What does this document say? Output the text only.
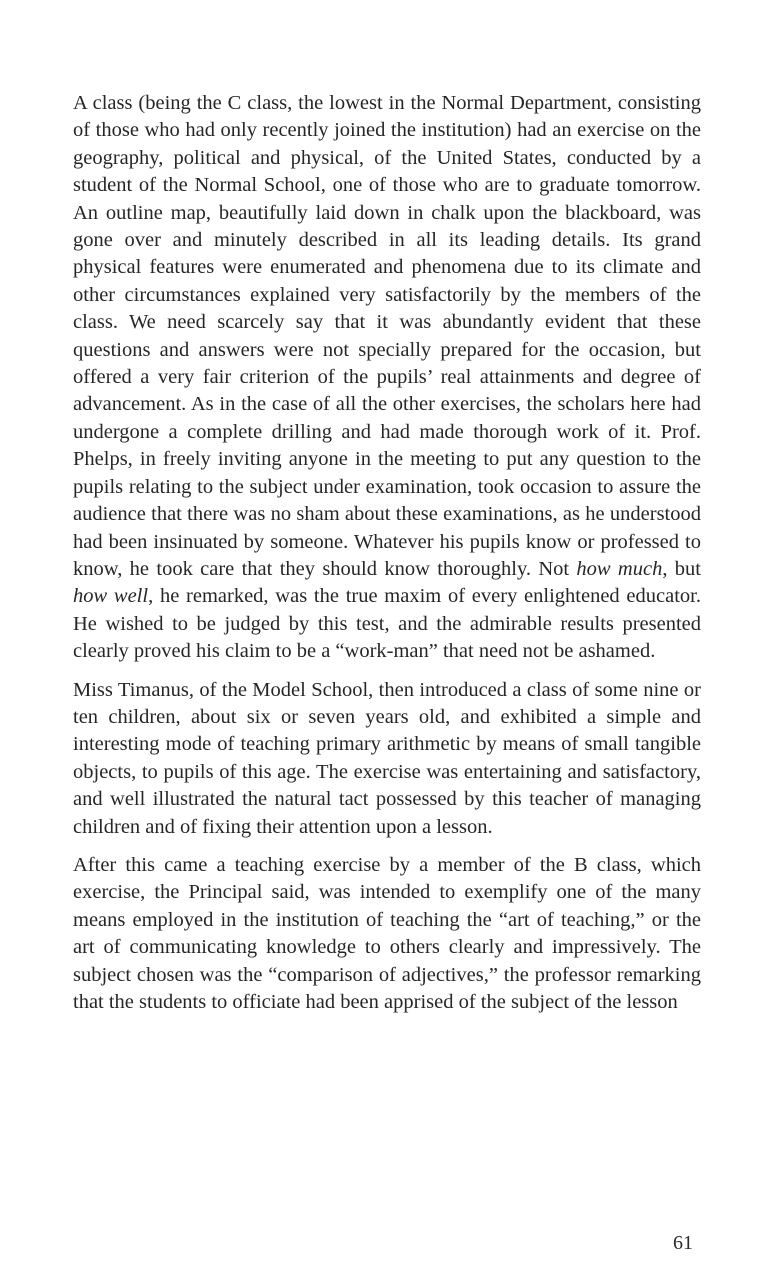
A class (being the C class, the lowest in the Normal Department, consisting of those who had only recently joined the institution) had an exercise on the geography, political and physical, of the United States, conducted by a student of the Normal School, one of those who are to graduate tomorrow. An outline map, beautifully laid down in chalk upon the blackboard, was gone over and minutely described in all its leading details. Its grand physical features were enumerated and phenomena due to its climate and other circumstances explained very satisfactorily by the members of the class. We need scarcely say that it was abundantly evident that these questions and answers were not specially prepared for the occasion, but offered a very fair criterion of the pupils’ real attainments and degree of advancement. As in the case of all the other exercises, the scholars here had undergone a complete drilling and had made thorough work of it. Prof. Phelps, in freely inviting anyone in the meeting to put any question to the pupils relating to the subject under examination, took occasion to assure the audience that there was no sham about these examinations, as he understood had been insinuated by someone. Whatever his pupils know or professed to know, he took care that they should know thoroughly. Not how much, but how well, he remarked, was the true maxim of every enlightened educator. He wished to be judged by this test, and the admirable results presented clearly proved his claim to be a “work-man” that need not be ashamed.

Miss Timanus, of the Model School, then introduced a class of some nine or ten children, about six or seven years old, and exhibited a simple and interesting mode of teaching primary arithmetic by means of small tangible objects, to pupils of this age. The exercise was entertaining and satisfactory, and well illustrated the natural tact possessed by this teacher of managing children and of fixing their attention upon a lesson.

After this came a teaching exercise by a member of the B class, which exercise, the Principal said, was intended to exemplify one of the many means employed in the institution of teaching the “art of teaching,” or the art of communicating knowledge to others clearly and impressively. The subject chosen was the “comparison of adjectives,” the professor remarking that the students to officiate had been apprised of the subject of the lesson

61
